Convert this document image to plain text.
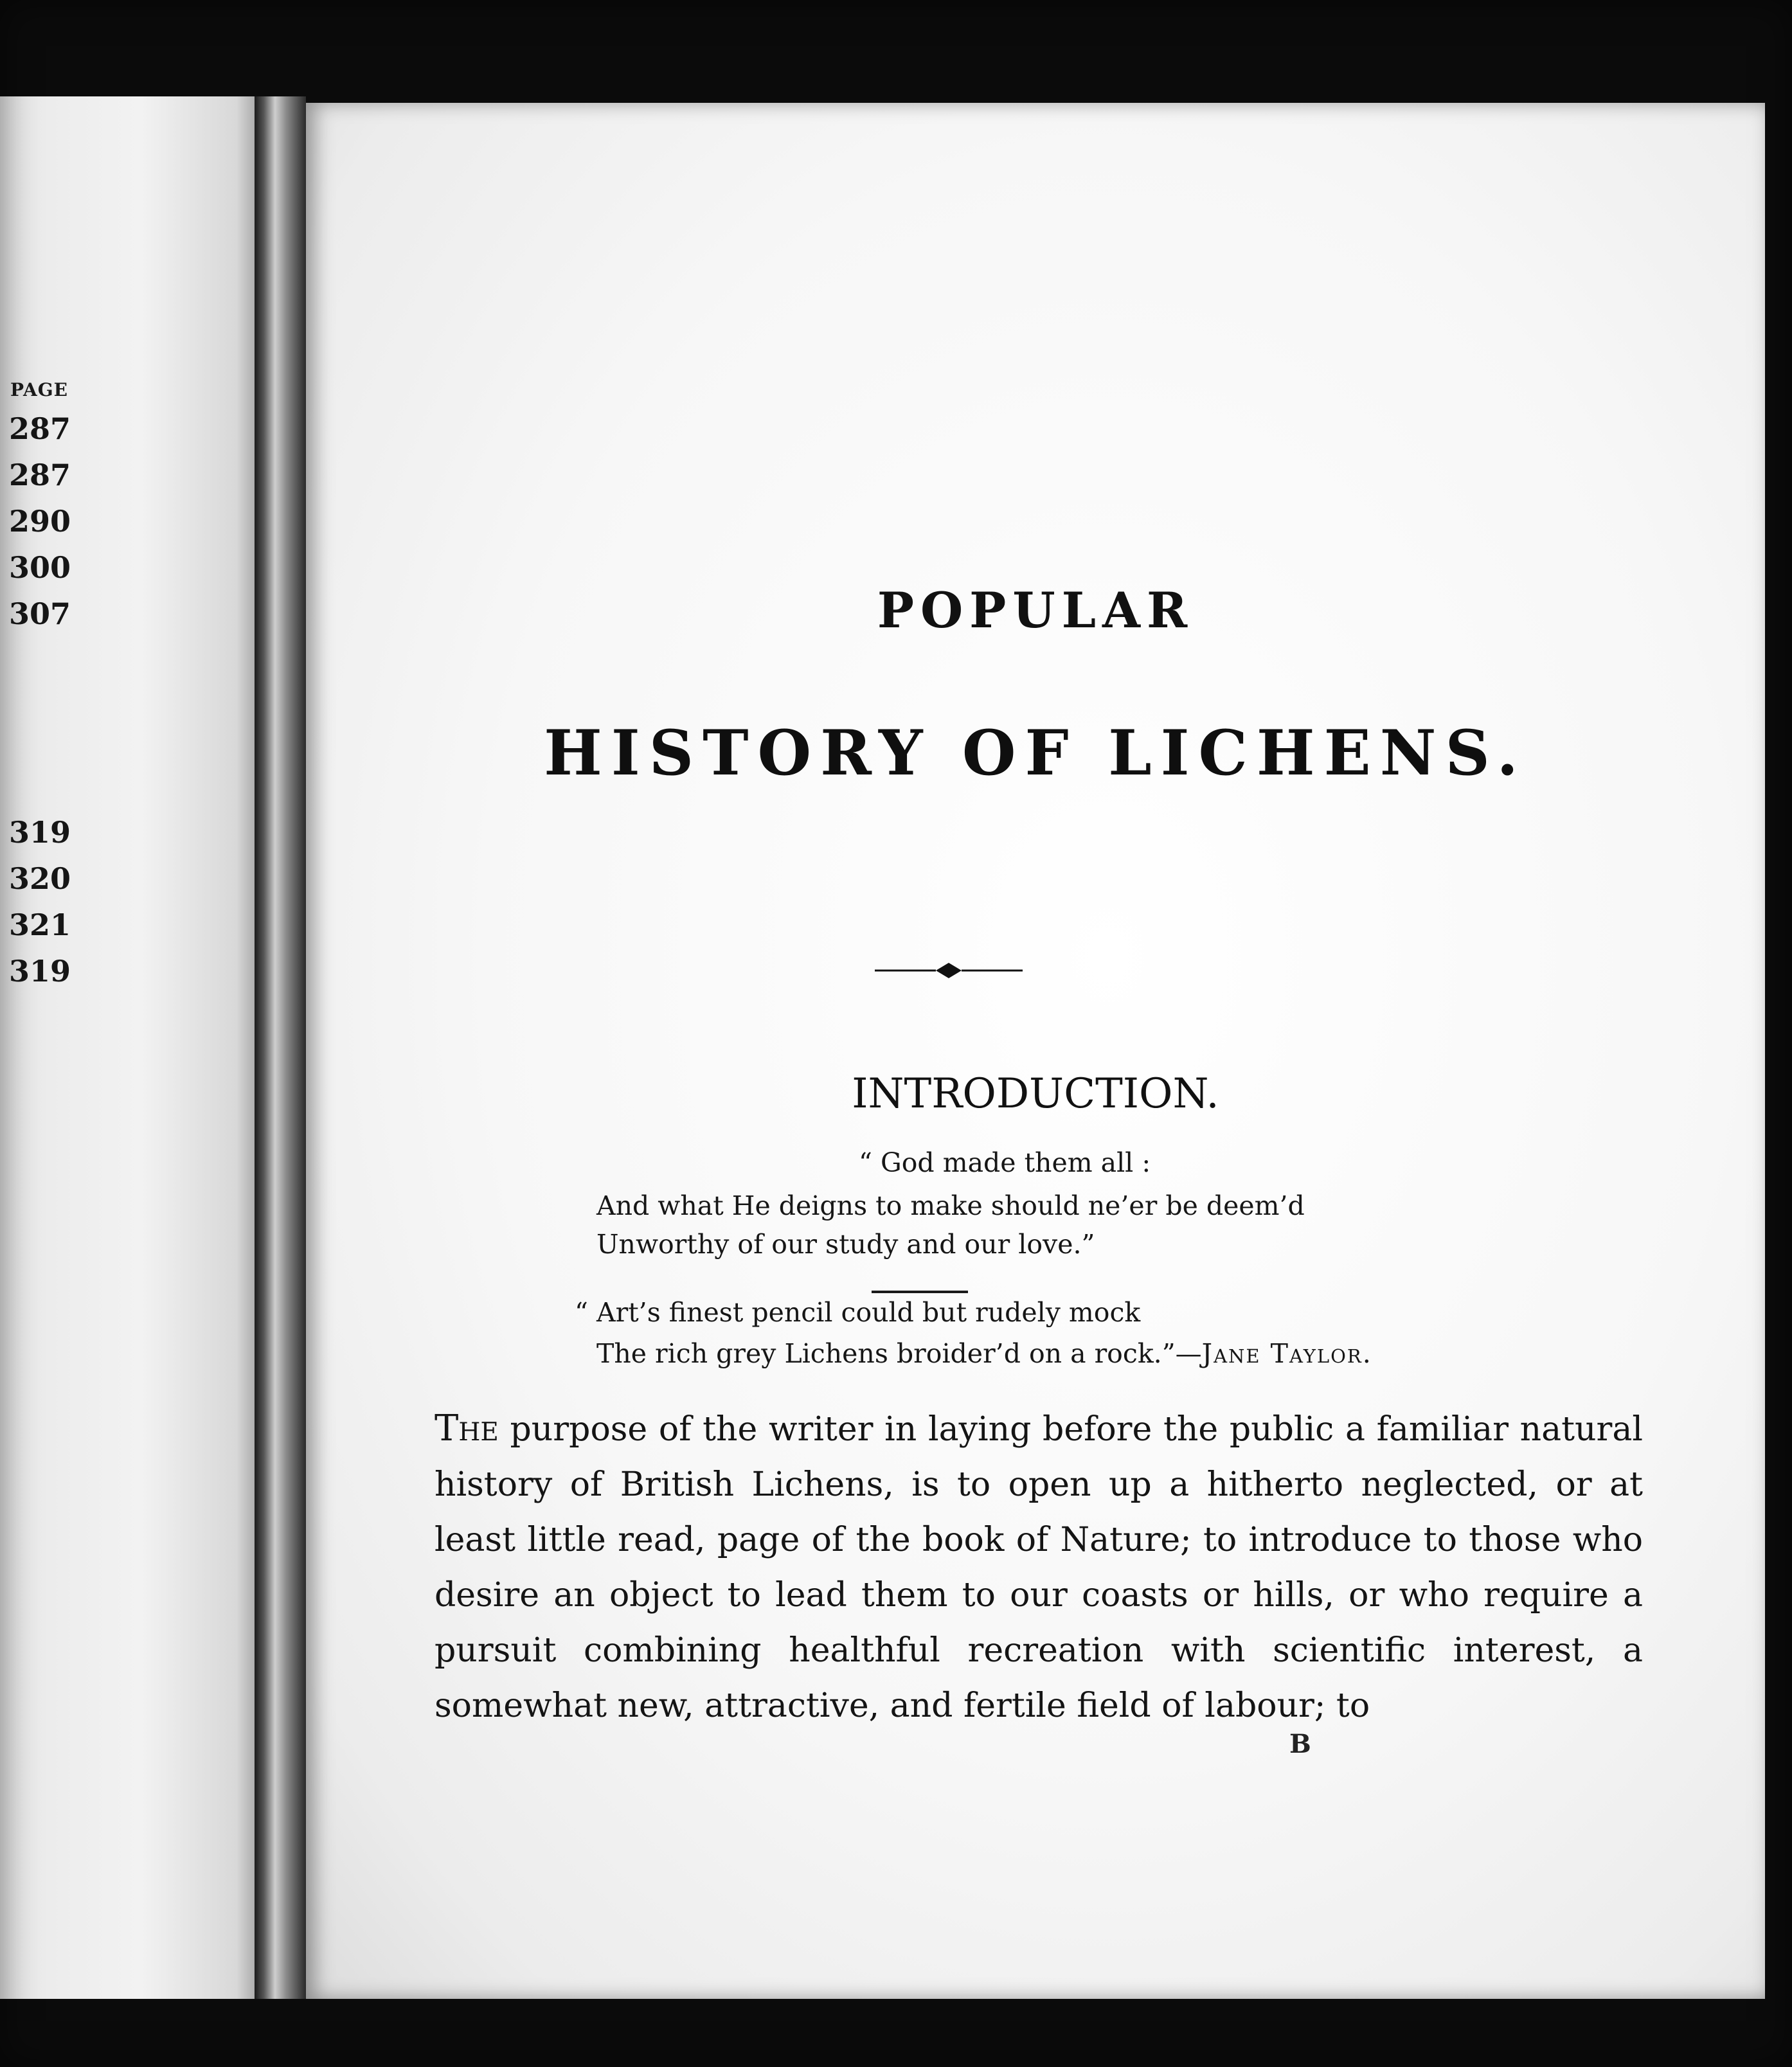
PAGE

287
287
290
300
307
319
320
321
319
POPULAR
HISTORY OF LICHENS.
INTRODUCTION.

“ God made them all :

And what He deigns to make should ne’er be deem’d

Unworthy of our study and our love.”

“ Art’s finest pencil could but rudely mock

The rich grey Lichens broider’d on a rock.”—Jane Taylor.

The purpose of the writer in laying before the public a familiar natural history of British Lichens, is to open up a hitherto neglected, or at least little read, page of the book of Nature; to introduce to those who desire an object to lead them to our coasts or hills, or who require a pursuit combining healthful recreation with scientific interest, a somewhat new, attractive, and fertile field of labour; to

B
